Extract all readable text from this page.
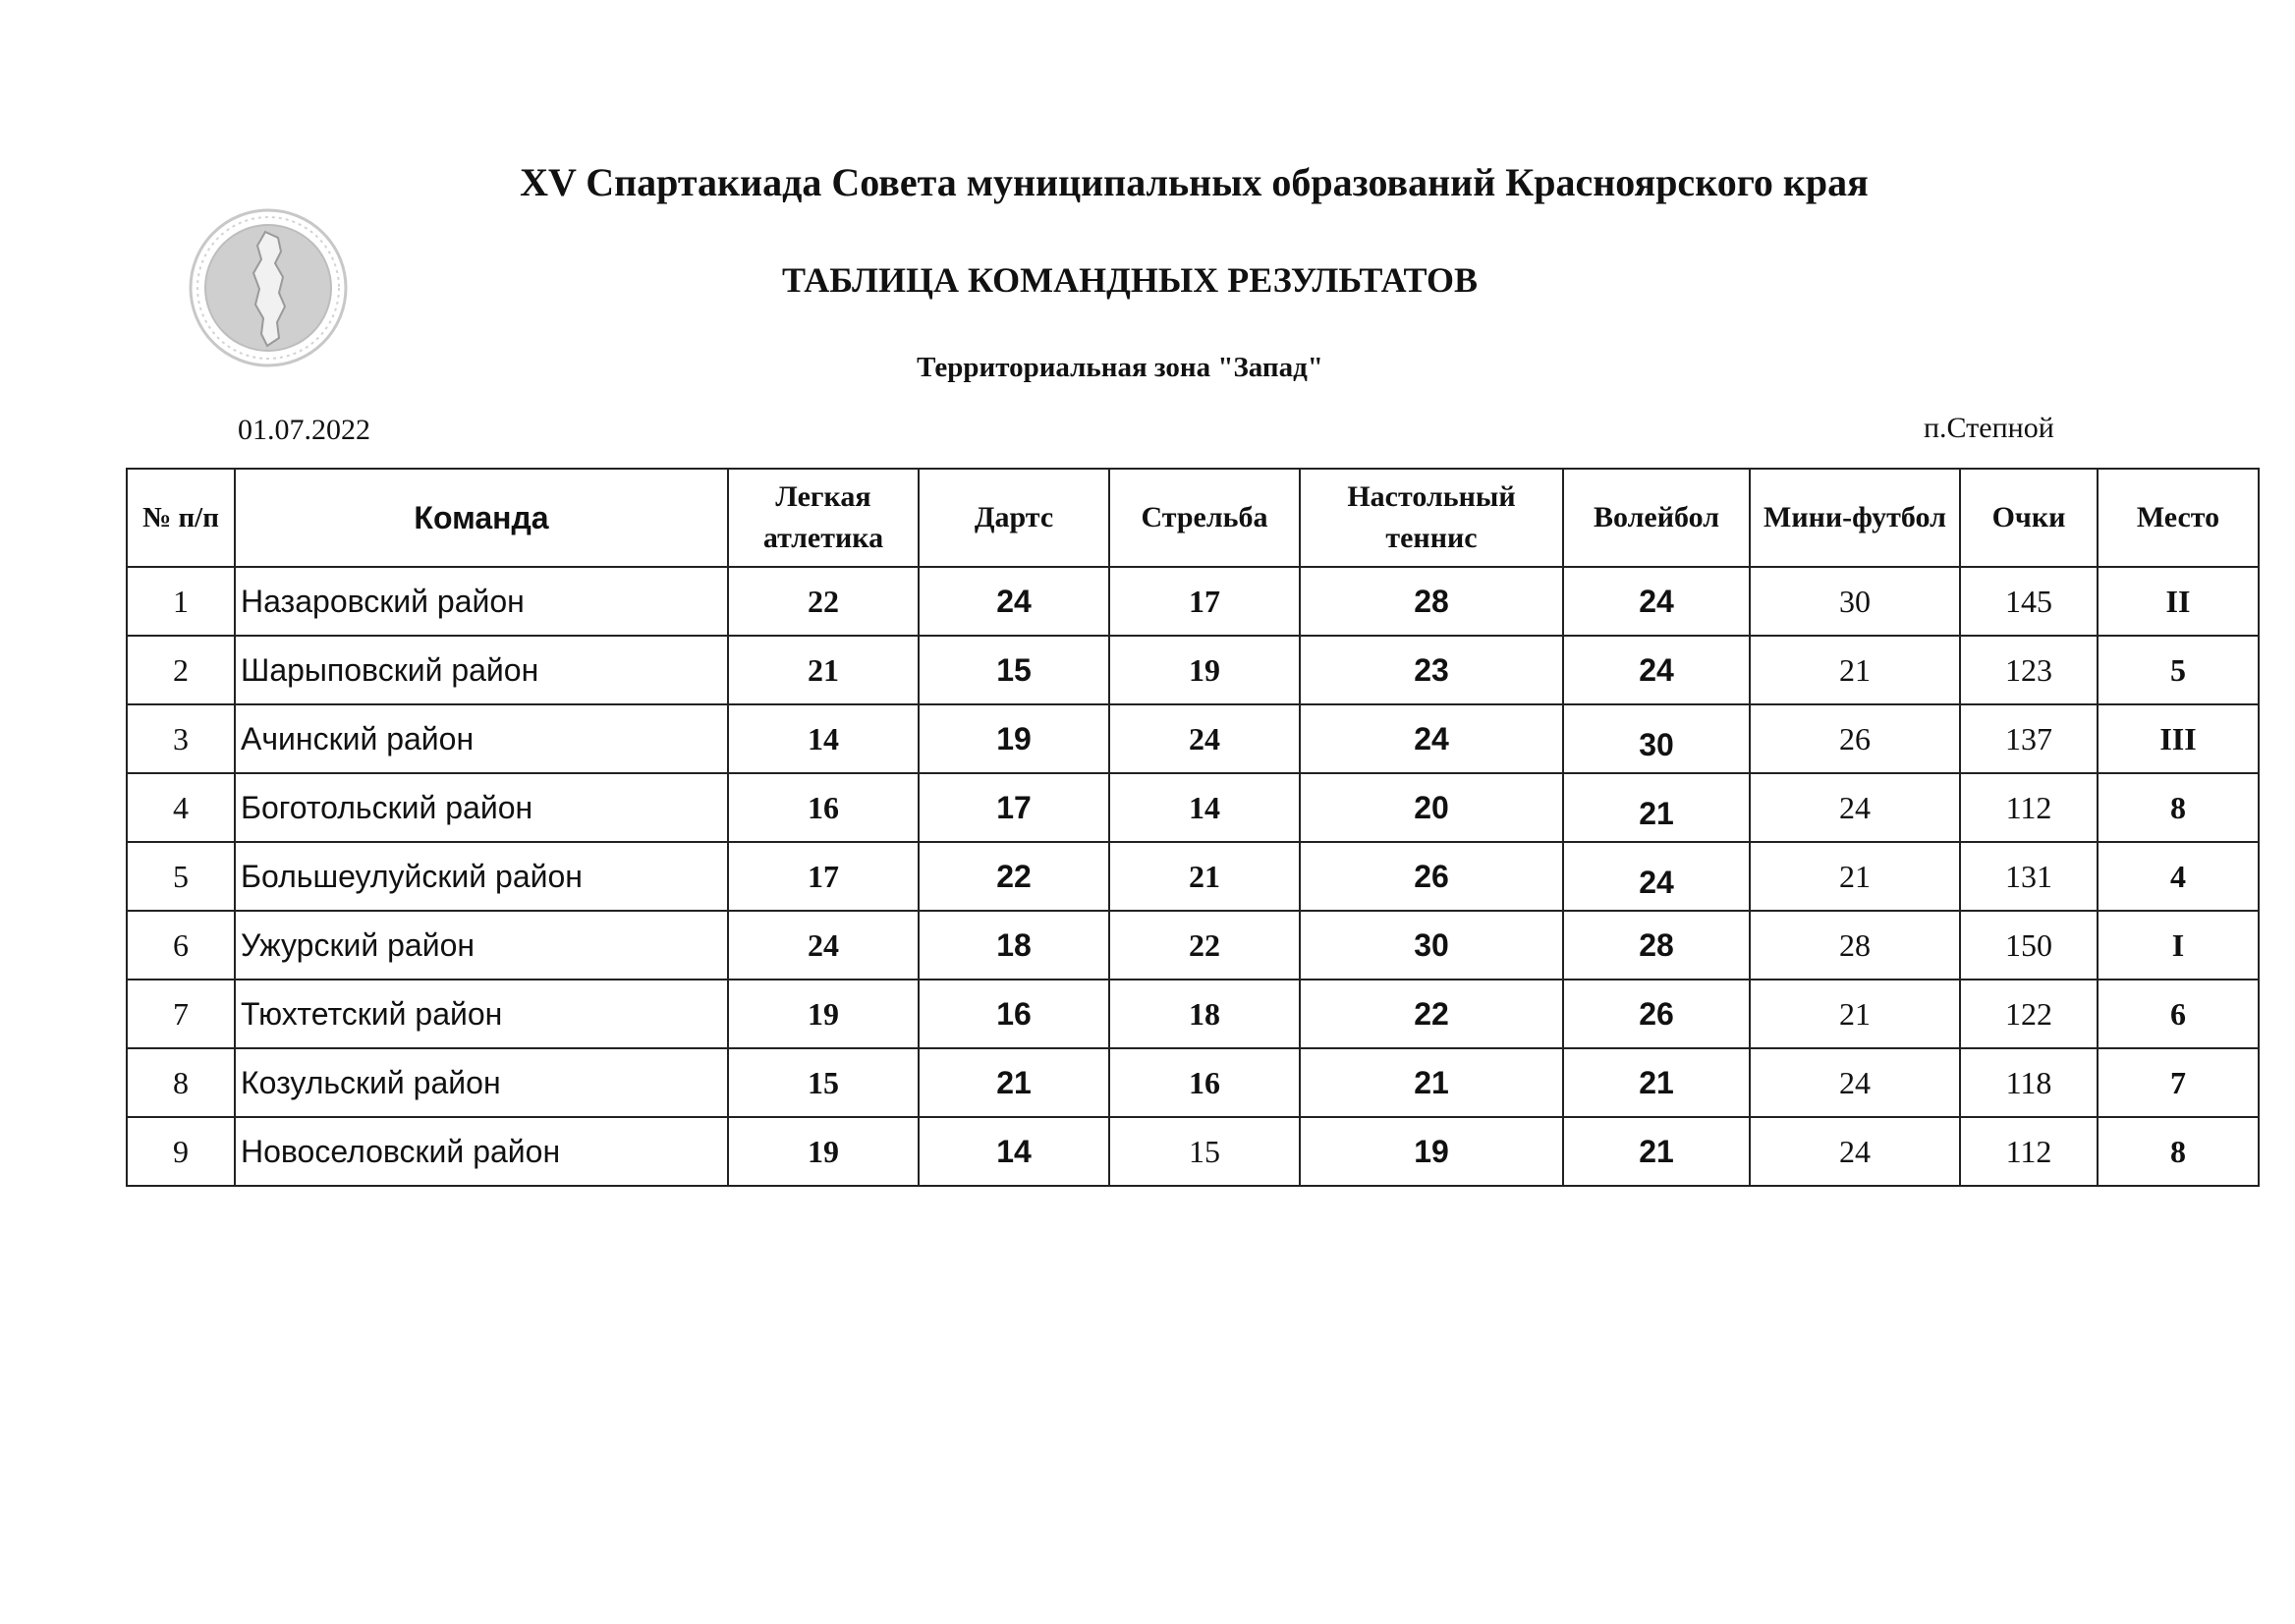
XV Спартакиада Совета муниципальных образований Красноярского края
ТАБЛИЦА КОМАНДНЫХ РЕЗУЛЬТАТОВ
Территориальная зона "Запад"
01.07.2022	п.Степной
№ п/п	Команда	Легкая атлетика	Дартс	Стрельба	Настольный теннис	Волейбол	Мини-футбол	Очки	Место
1	Назаровский район	22	24	17	28	24	30	145	II
2	Шарыповский район	21	15	19	23	24	21	123	5
3	Ачинский район	14	19	24	24	30	26	137	III
4	Боготольский район	16	17	14	20	21	24	112	8
5	Большеулуйский район	17	22	21	26	24	21	131	4
6	Ужурский район	24	18	22	30	28	28	150	I
7	Тюхтетский район	19	16	18	22	26	21	122	6
8	Козульский район	15	21	16	21	21	24	118	7
9	Новоселовский район	19	14	15	19	21	24	112	8
